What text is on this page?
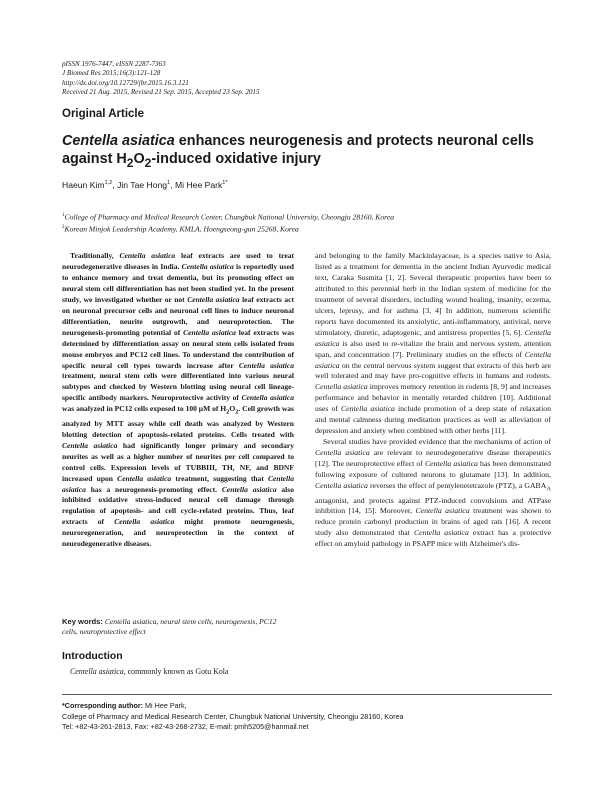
pISSN 1976-7447, eISSN 2287-7363
J Biomed Res 2015;16(3):121-128
http://dx.doi.org/10.12729/jbr.2015.16.3.121
Received 21 Aug. 2015, Revised 21 Sep. 2015, Accepted 23 Sep. 2015
Original Article
Centella asiatica enhances neurogenesis and protects neuronal cells
against $H_2O_2$-induced oxidative injury
Haeun Kim$^{1,2}$, Jin Tae Hong$^1$, Mi Hee Park$^{1*}$
$^1$College of Pharmacy and Medical Research Center, Chungbuk National University, Cheongju 28160, Korea
$^2$Korean Minjok Leadership Academy, KMLA, Hoengseong-gun 25268, Korea
Traditionally, Centella asiatica leaf extracts are used to treat neurodegenerative diseases in India. Centella asiatica is reportedly used to enhance memory and treat dementia, but its promoting effect on neural stem cell differentiation has not been studied yet. In the present study, we investigated whether or not Centella asiatica leaf extracts act on neuronal precursor cells and neuronal cell lines to induce neuronal differentiation, neurite outgrowth, and neuroprotection. The neurogenesis-promoting potential of Centella asiatica leaf extracts was determined by differentiation assay on neural stem cells isolated from mouse embryos and PC12 cell lines. To understand the contribution of specific neural cell types towards increase after Centella asiatica treatment, neural stem cells were differentiated into various neural subtypes and checked by Western blotting using neural cell lineage-specific antibody markers. Neuroprotective activity of Centella asiatica was analyzed in PC12 cells exposed to 100 μM of $H_2O_2$. Cell growth was analyzed by MTT assay while cell death was analyzed by Western blotting detection of apoptosis-related proteins. Cells treated with Centella asiatica had significantly longer primary and secondary neurites as well as a higher number of neurites per cell compared to control cells. Expression levels of TUBBIII, TH, NF, and BDNF increased upon Centella asiatica treatment, suggesting that Centella asiatica has a neurogenesis-promoting effect. Centella asiatica also inhibited oxidative stress-induced neural cell damage through regulation of apoptosis- and cell cycle-related proteins. Thus, leaf extracts of Centella asiatica might promote neurogenesis, neuroregeneration, and neuroprotection in the context of neurodegenerative diseases.
Key words: Centella asiatica, neural stem cells, neurogenesis, PC12 cells, neuroprotective effect
Introduction
Centella asiatica, commonly known as Gotu Kola

and belonging to the family Mackinlayaceae, is a species native to Asia, listed as a treatment for dementia in the ancient Indian Ayurvedic medical text, Caraka Susmita [1, 2]. Several therapeutic properties have been to attributed to this perennial herb in the Indian system of medicine for the treatment of several disorders, including wound healing, insanity, eczema, ulcers, leprosy, and for asthma [3, 4] In addition, numerous scientific reports have documented its anxiolytic, anti-inflammatory, antiviral, nerve stimulatory, diuretic, adaptogenic, and antistress properties [5, 6]. Centella asiatica is also used to re-vitalize the brain and nervous system, attention span, and concentration [7]. Preliminary studies on the effects of Centella asiatica on the central nervous system suggest that extracts of this herb are well tolerated and may have pro-cognitive effects in humans and rodents. Centella asiatica improves memory retention in rodents [8, 9] and increases performance and behavior in mentally retarded children [10]. Additional uses of Centella asiatica include promotion of a deep state of relaxation and mental calmness during meditation practices as well as alleviation of depression and anxiety when combined with other herbs [11].

Several studies have provided evidence that the mechanisms of action of Centella asiatica are relevant to neurodegenerative disease therapeutics [12]. The neuroprotective effect of Centella asiatica has been demonstrated following exposure of cultured neurons to glutamate [13]. In addition, Centella asiatica reverses the effect of pentylenetetrazole (PTZ), a $GABA_A$ antagonist, and protects against PTZ-induced convulsions and ATPase inhibition [14, 15]. Moreover, Centella asiatica treatment was shown to reduce protein carbonyl production in brains of aged rats [16]. A recent study also demonstrated that Centella asiatica extract has a protective effect on amyloid pathology in PSAPP mice with Alzheimer's dis-

*Corresponding author: Mi Hee Park,
College of Pharmacy and Medical Research Center, Chungbuk National University, Cheongju 28160, Korea
Tel: +82-43-261-2813, Fax: +82-43-268-2732, E-mail: pmh5205@hanmail.net
